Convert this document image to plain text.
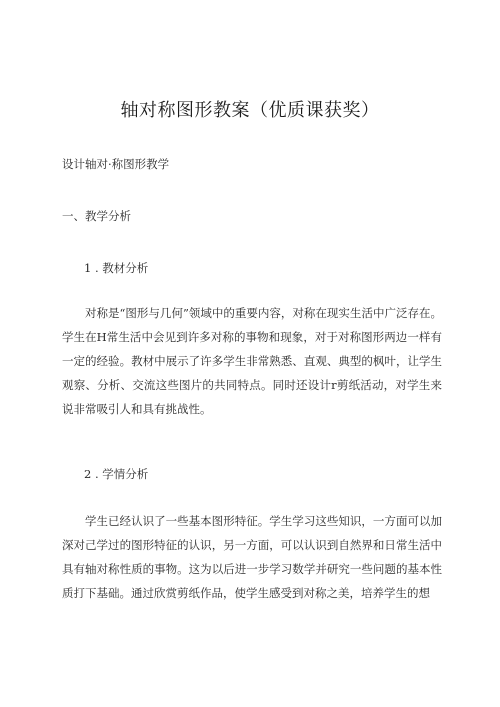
轴对称图形教案（优质课获奖）
设计轴对·称图形教学
一、教学分析
1 . 教材分析

对称是“图形与几何”领域中的重要内容，对称在现实生活中广泛存在。学生在H常生活中会见到许多对称的事物和现象，对于对称图形两边一样有一定的经验。教材中展示了许多学生非常熟悉、直观、典型的枫叶，让学生观察、分析、交流这些图片的共同特点。同时还设计r剪纸活动，对学生来说非常吸引人和具有挑战性。

2 . 学情分析

学生已经认识了一些基本图形特征。学生学习这些知识，一方面可以加深对己学过的图形特征的认识，另一方面，可以认识到自然界和日常生活中具有轴对称性质的事物。这为以后进一步学习数学并研究一些问题的基本性质打下基础。通过欣赏剪纸作品，使学生感受到对称之美，培养学生的想
